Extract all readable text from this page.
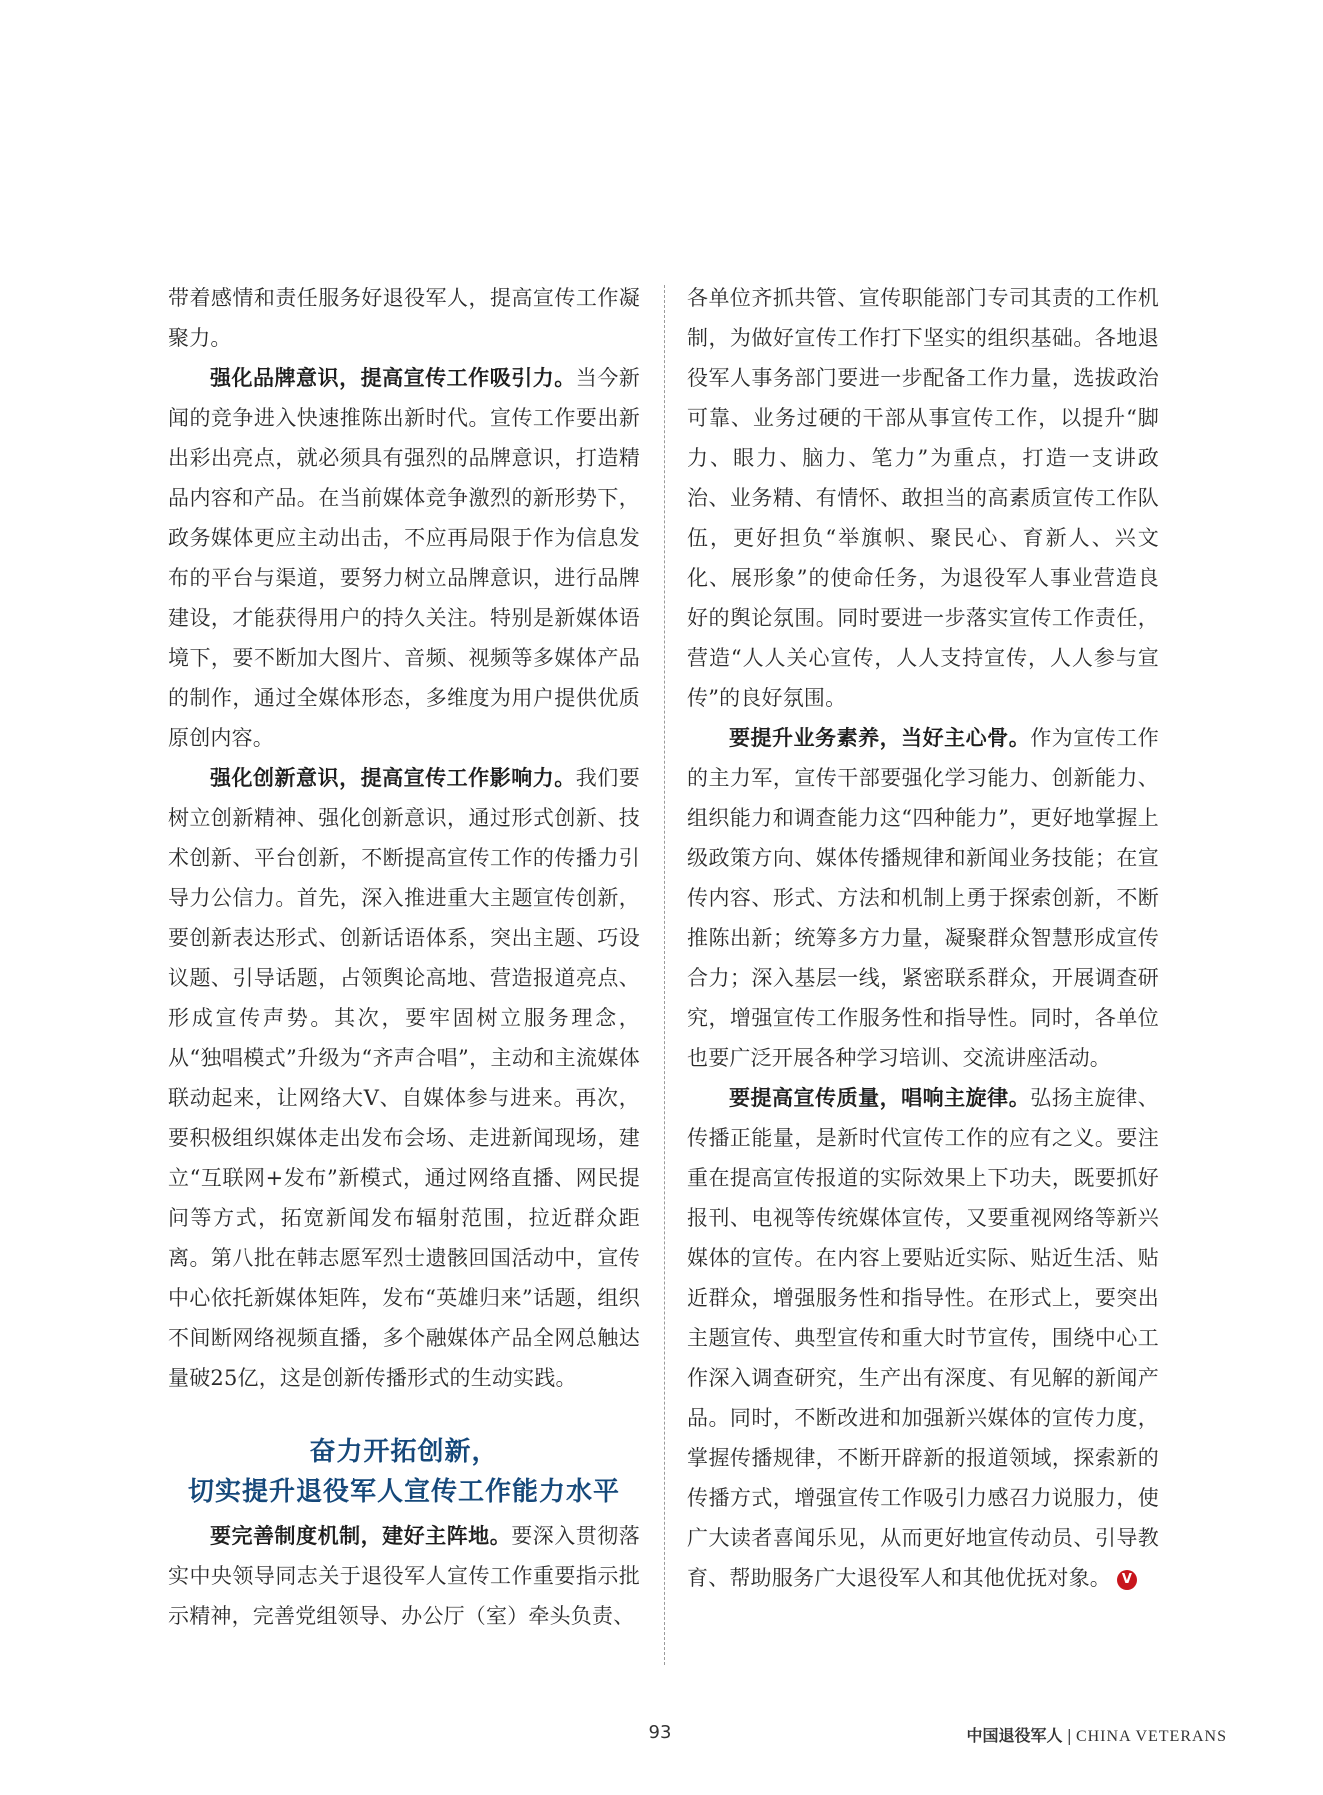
带着感情和责任服务好退役军人，提高宣传工作凝聚力。

强化品牌意识，提高宣传工作吸引力。当今新闻的竞争进入快速推陈出新时代。宣传工作要出新出彩出亮点，就必须具有强烈的品牌意识，打造精品内容和产品。在当前媒体竞争激烈的新形势下，政务媒体更应主动出击，不应再局限于作为信息发布的平台与渠道，要努力树立品牌意识，进行品牌建设，才能获得用户的持久关注。特别是新媒体语境下，要不断加大图片、音频、视频等多媒体产品的制作，通过全媒体形态，多维度为用户提供优质原创内容。

强化创新意识，提高宣传工作影响力。我们要树立创新精神、强化创新意识，通过形式创新、技术创新、平台创新，不断提高宣传工作的传播力引导力公信力。首先，深入推进重大主题宣传创新，要创新表达形式、创新话语体系，突出主题、巧设议题、引导话题，占领舆论高地、营造报道亮点、形成宣传声势。其次，要牢固树立服务理念，从“独唱模式”升级为“齐声合唱”，主动和主流媒体联动起来，让网络大V、自媒体参与进来。再次，要积极组织媒体走出发布会场、走进新闻现场，建立“互联网+发布”新模式，通过网络直播、网民提问等方式，拓宽新闻发布辐射范围，拉近群众距离。第八批在韩志愿军烈士遗骸回国活动中，宣传中心依托新媒体矩阵，发布“英雄归来”话题，组织不间断网络视频直播，多个融媒体产品全网总触达量破25亿，这是创新传播形式的生动实践。

奋力开拓创新，
切实提升退役军人宣传工作能力水平

要完善制度机制，建好主阵地。要深入贯彻落实中央领导同志关于退役军人宣传工作重要指示批示精神，完善党组领导、办公厅（室）牵头负责、

各单位齐抓共管、宣传职能部门专司其责的工作机制，为做好宣传工作打下坚实的组织基础。各地退役军人事务部门要进一步配备工作力量，选拔政治可靠、业务过硬的干部从事宣传工作，以提升“脚力、眼力、脑力、笔力”为重点，打造一支讲政治、业务精、有情怀、敢担当的高素质宣传工作队伍，更好担负“举旗帜、聚民心、育新人、兴文化、展形象”的使命任务，为退役军人事业营造良好的舆论氛围。同时要进一步落实宣传工作责任，营造“人人关心宣传，人人支持宣传，人人参与宣传”的良好氛围。

要提升业务素养，当好主心骨。作为宣传工作的主力军，宣传干部要强化学习能力、创新能力、组织能力和调查能力这“四种能力”，更好地掌握上级政策方向、媒体传播规律和新闻业务技能；在宣传内容、形式、方法和机制上勇于探索创新，不断推陈出新；统筹多方力量，凝聚群众智慧形成宣传合力；深入基层一线，紧密联系群众，开展调查研究，增强宣传工作服务性和指导性。同时，各单位也要广泛开展各种学习培训、交流讲座活动。

要提高宣传质量，唱响主旋律。弘扬主旋律、传播正能量，是新时代宣传工作的应有之义。要注重在提高宣传报道的实际效果上下功夫，既要抓好报刊、电视等传统媒体宣传，又要重视网络等新兴媒体的宣传。在内容上要贴近实际、贴近生活、贴近群众，增强服务性和指导性。在形式上，要突出主题宣传、典型宣传和重大时节宣传，围绕中心工作深入调查研究，生产出有深度、有见解的新闻产品。同时，不断改进和加强新兴媒体的宣传力度，掌握传播规律，不断开辟新的报道领域，探索新的传播方式，增强宣传工作吸引力感召力说服力，使广大读者喜闻乐见，从而更好地宣传动员、引导教育、帮助服务广大退役军人和其他优抚对象。 V

93	中国退役军人 | CHINA VETERANS
